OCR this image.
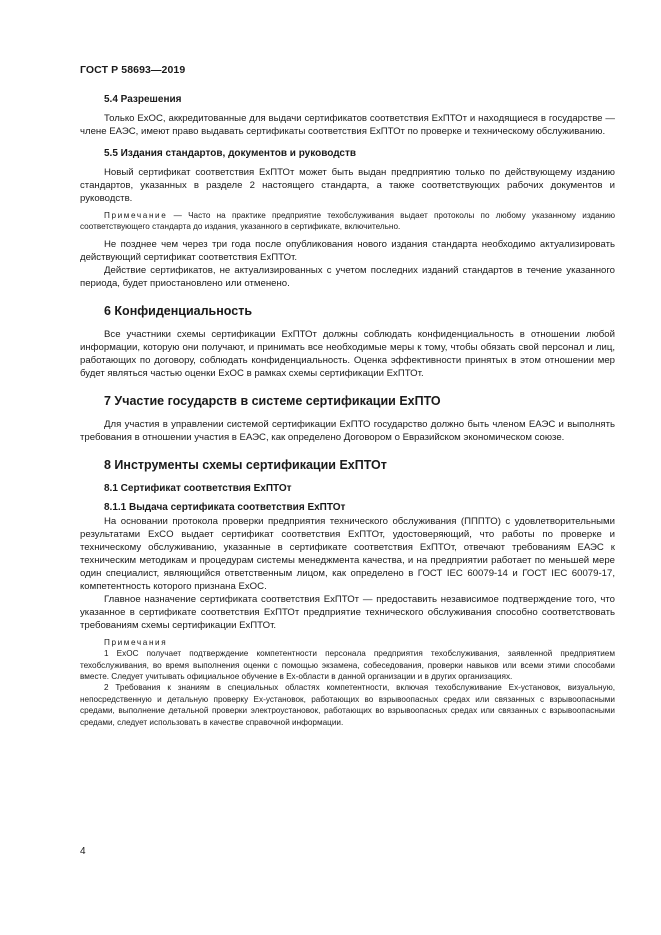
ГОСТ Р 58693—2019
5.4 Разрешения

Только ExOC, аккредитованные для выдачи сертификатов соответствия ExПТОт и находящиеся в государстве — члене ЕАЭС, имеют право выдавать сертификаты соответствия ExПТОт по проверке и техническому обслуживанию.

5.5 Издания стандартов, документов и руководств

Новый сертификат соответствия ExПТОт может быть выдан предприятию только по действующему изданию стандартов, указанных в разделе 2 настоящего стандарта, а также соответствующих рабочих документов и руководств.

Примечание — Часто на практике предприятие техобслуживания выдает протоколы по любому указанному изданию соответствующего стандарта до издания, указанного в сертификате, включительно.

Не позднее чем через три года после опубликования нового издания стандарта необходимо актуализировать действующий сертификат соответствия ExПТОт.

Действие сертификатов, не актуализированных с учетом последних изданий стандартов в течение указанного периода, будет приостановлено или отменено.

6 Конфиденциальность

Все участники схемы сертификации ExПТОт должны соблюдать конфиденциальность в отношении любой информации, которую они получают, и принимать все необходимые меры к тому, чтобы обязать свой персонал и лиц, работающих по договору, соблюдать конфиденциальность. Оценка эффективности принятых в этом отношении мер будет являться частью оценки ExOC в рамках схемы сертификации ExПТОт.

7 Участие государств в системе сертификации ExПТО

Для участия в управлении системой сертификации ExПТО государство должно быть членом ЕАЭС и выполнять требования в отношении участия в ЕАЭС, как определено Договором о Евразийском экономическом союзе.

8 Инструменты схемы сертификации ExПТОт
8.1 Сертификат соответствия ExПТОт
8.1.1 Выдача сертификата соответствия ExПТОт

На основании протокола проверки предприятия технического обслуживания (ПППТО) с удовлетворительными результатами ExCO выдает сертификат соответствия ExПТОт, удостоверяющий, что работы по проверке и техническому обслуживанию, указанные в сертификате соответствия ExПТОт, отвечают требованиям ЕАЭС к техническим методикам и процедурам системы менеджмента качества, и на предприятии работает по меньшей мере один специалист, являющийся ответственным лицом, как определено в ГОСТ IEC 60079-14 и ГОСТ IEC 60079-17, компетентность которого признана ExOC.

Главное назначение сертификата соответствия ExПТОт — предоставить независимое подтверждение того, что указанное в сертификате соответствия ExПТОт предприятие технического обслуживания способно соответствовать требованиям схемы сертификации ExПТОт.

Примечания

1 ExOC получает подтверждение компетентности персонала предприятия техобслуживания, заявленной предприятием техобслуживания, во время выполнения оценки с помощью экзамена, собеседования, проверки навыков или всеми этими способами вместе. Следует учитывать официальное обучение в Ex-области в данной организации и в других организациях.

2 Требования к знаниям в специальных областях компетентности, включая техобслуживание Ex-установок, визуальную, непосредственную и детальную проверку Ex-установок, работающих во взрывоопасных средах или связанных с взрывоопасными средами, выполнение детальной проверки электроустановок, работающих во взрывоопасных средах или связанных с взрывоопасными средами, следует использовать в качестве справочной информации.

4
